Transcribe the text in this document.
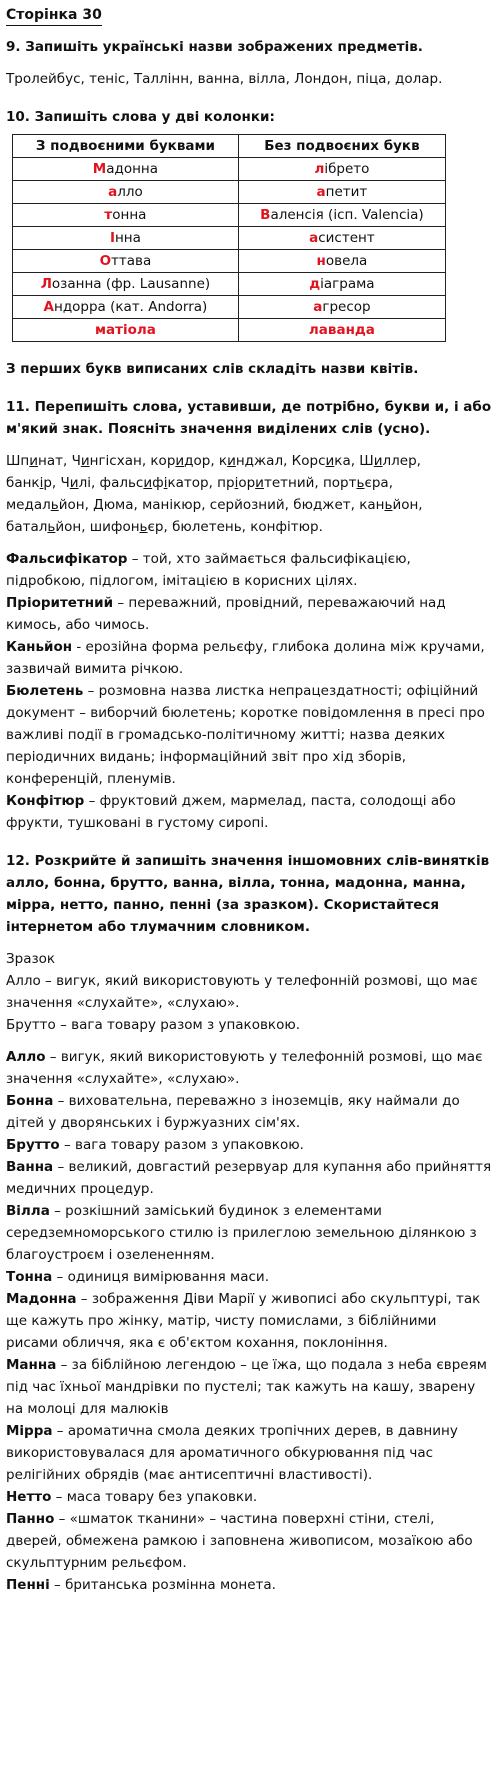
Сторінка 30

9. Запишіть українські назви зображених предметів.

Тролейбус, теніс, Таллінн, ванна, вілла, Лондон, піца, долар.

10. Запишіть слова у дві колонки:

З подвоєними буквами	Без подвоєних букв
Мадонна	лібрето
алло	апетит
тонна	Валенсія (ісп. Valencia)
Інна	асистент
Оттава	новела
Лозанна (фр. Lausanne)	діаграма
Андорра (кат. Andorra)	агресор
матіола	лаванда

З перших букв виписаних слів складіть назви квітів.

11. Перепишіть слова, уставивши, де потрібно, букви и, і або м'який знак. Поясніть значення виділених слів (усно).

Шпинат, Чингісхан, коридор, кинджал, Корсика, Шиллер,

банкір, Чилі, фальсифікатор, пріоритетний, портьєра,

медальйон, Дюма, манікюр, серйозний, бюджет, каньйон,

батальйон, шифоньєр, бюлетень, конфітюр.

Фальсифікатор – той, хто займається фальсифікацією, підробкою, підлогом, імітацією в корисних цілях.

Пріоритетний – переважний, провідний, переважаючий над кимось, або чимось.

Каньйон - ерозійна форма рельєфу, глибока долина між кручами, зазвичай вимита річкою.

Бюлетень – розмовна назва листка непрацездатності; офіційний документ – виборчий бюлетень; коротке повідомлення в пресі про важливі події в громадсько-політичному житті; назва деяких періодичних видань; інформаційний звіт про хід зборів, конференцій, пленумів.

Конфітюр – фруктовий джем, мармелад, паста, солодощі або фрукти, тушковані в густому сиропі.

12. Розкрийте й запишіть значення іншомовних слів-винятків алло, бонна, брутто, ванна, вілла, тонна, мадонна, манна, мірра, нетто, панно, пенні (за зразком). Скористайтеся інтернетом або тлумачним словником.

Зразок

Алло – вигук, який використовують у телефонній розмові, що має значення «слухайте», «слухаю».

Брутто – вага товару разом з упаковкою.

Алло – вигук, який використовують у телефонній розмові, що має значення «слухайте», «слухаю».

Бонна – виховательна, переважно з іноземців, яку наймали до дітей у дворянських і буржуазних сім'ях.

Брутто – вага товару разом з упаковкою.

Ванна – великий, довгастий резервуар для купання або прийняття медичних процедур.

Вілла – розкішний заміський будинок з елементами середземноморського стилю із прилеглою земельною ділянкою з благоустроєм і озелененням.

Тонна – одиниця вимірювання маси.

Мадонна – зображення Діви Марії у живописі або скульптурі, так ще кажуть про жінку, матір, чисту помислами, з біблійними рисами обличчя, яка є об'єктом кохання, поклоніння.

Манна – за біблійною легендою – це їжа, що подала з неба євреям під час їхньої мандрівки по пустелі; так кажуть на кашу, зварену на молоці для малюків

Мірра – ароматична смола деяких тропічних дерев, в давнину використовувалася для ароматичного обкурювання під час релігійних обрядів (має антисептичні властивості).

Нетто – маса товару без упаковки.

Панно – «шматок тканини» – частина поверхні стіни, стелі, дверей, обмежена рамкою і заповнена живописом, мозаїкою або скульптурним рельєфом.

Пенні – британська розмінна монета.
